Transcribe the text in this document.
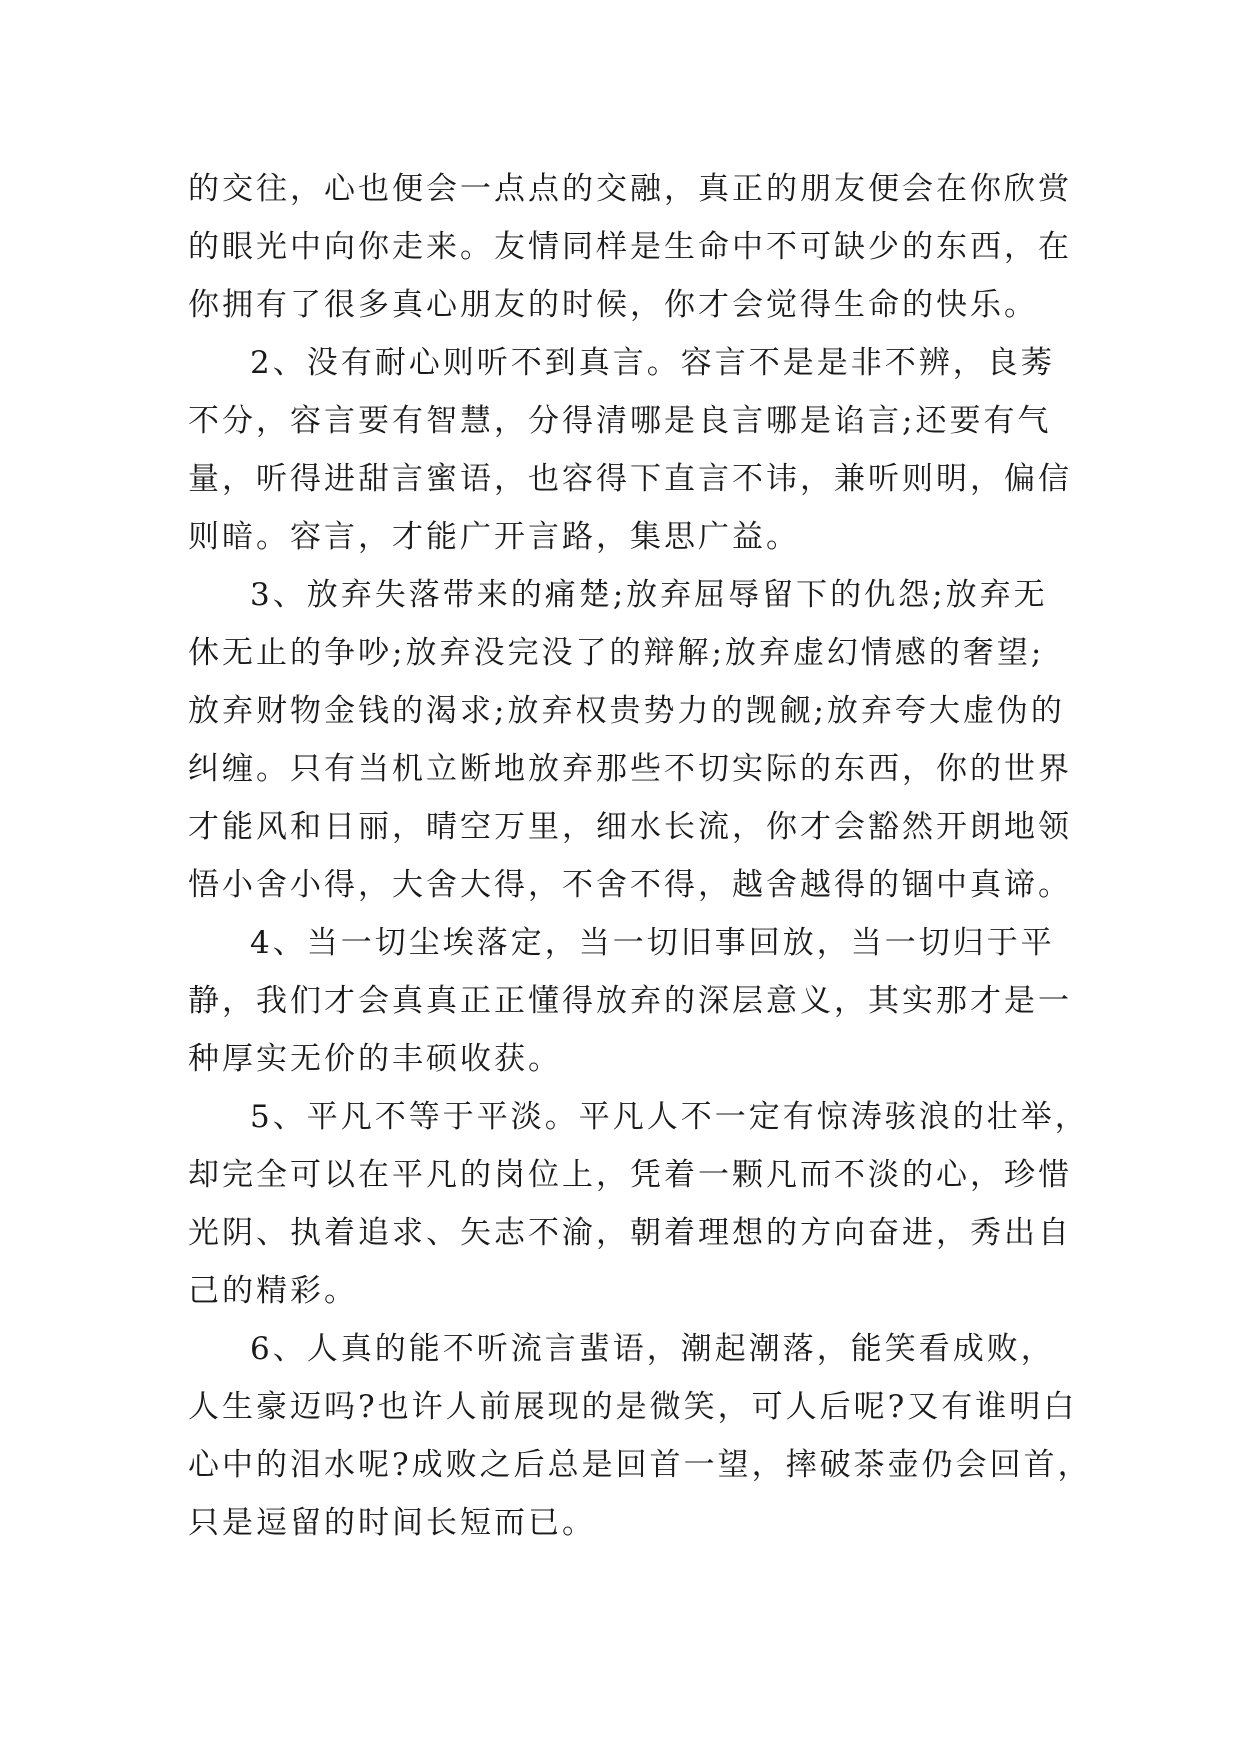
的交往，心也便会一点点的交融，真正的朋友便会在你欣赏
的眼光中向你走来。友情同样是生命中不可缺少的东西，在
你拥有了很多真心朋友的时候，你才会觉得生命的快乐。
2、没有耐心则听不到真言。容言不是是非不辨，良莠
不分，容言要有智慧，分得清哪是良言哪是谄言;还要有气
量，听得进甜言蜜语，也容得下直言不讳，兼听则明，偏信
则暗。容言，才能广开言路，集思广益。
3、放弃失落带来的痛楚;放弃屈辱留下的仇怨;放弃无
休无止的争吵;放弃没完没了的辩解;放弃虚幻情感的奢望;
放弃财物金钱的渴求;放弃权贵势力的觊觎;放弃夸大虚伪的
纠缠。只有当机立断地放弃那些不切实际的东西，你的世界
才能风和日丽，晴空万里，细水长流，你才会豁然开朗地领
悟小舍小得，大舍大得，不舍不得，越舍越得的锢中真谛。
4、当一切尘埃落定，当一切旧事回放，当一切归于平
静，我们才会真真正正懂得放弃的深层意义，其实那才是一
种厚实无价的丰硕收获。
5、平凡不等于平淡。平凡人不一定有惊涛骇浪的壮举，
却完全可以在平凡的岗位上，凭着一颗凡而不淡的心，珍惜
光阴、执着追求、矢志不渝，朝着理想的方向奋进，秀出自
己的精彩。
6、人真的能不听流言蜚语，潮起潮落，能笑看成败，
人生豪迈吗?也许人前展现的是微笑，可人后呢?又有谁明白
心中的泪水呢?成败之后总是回首一望，摔破茶壶仍会回首，
只是逗留的时间长短而已。
